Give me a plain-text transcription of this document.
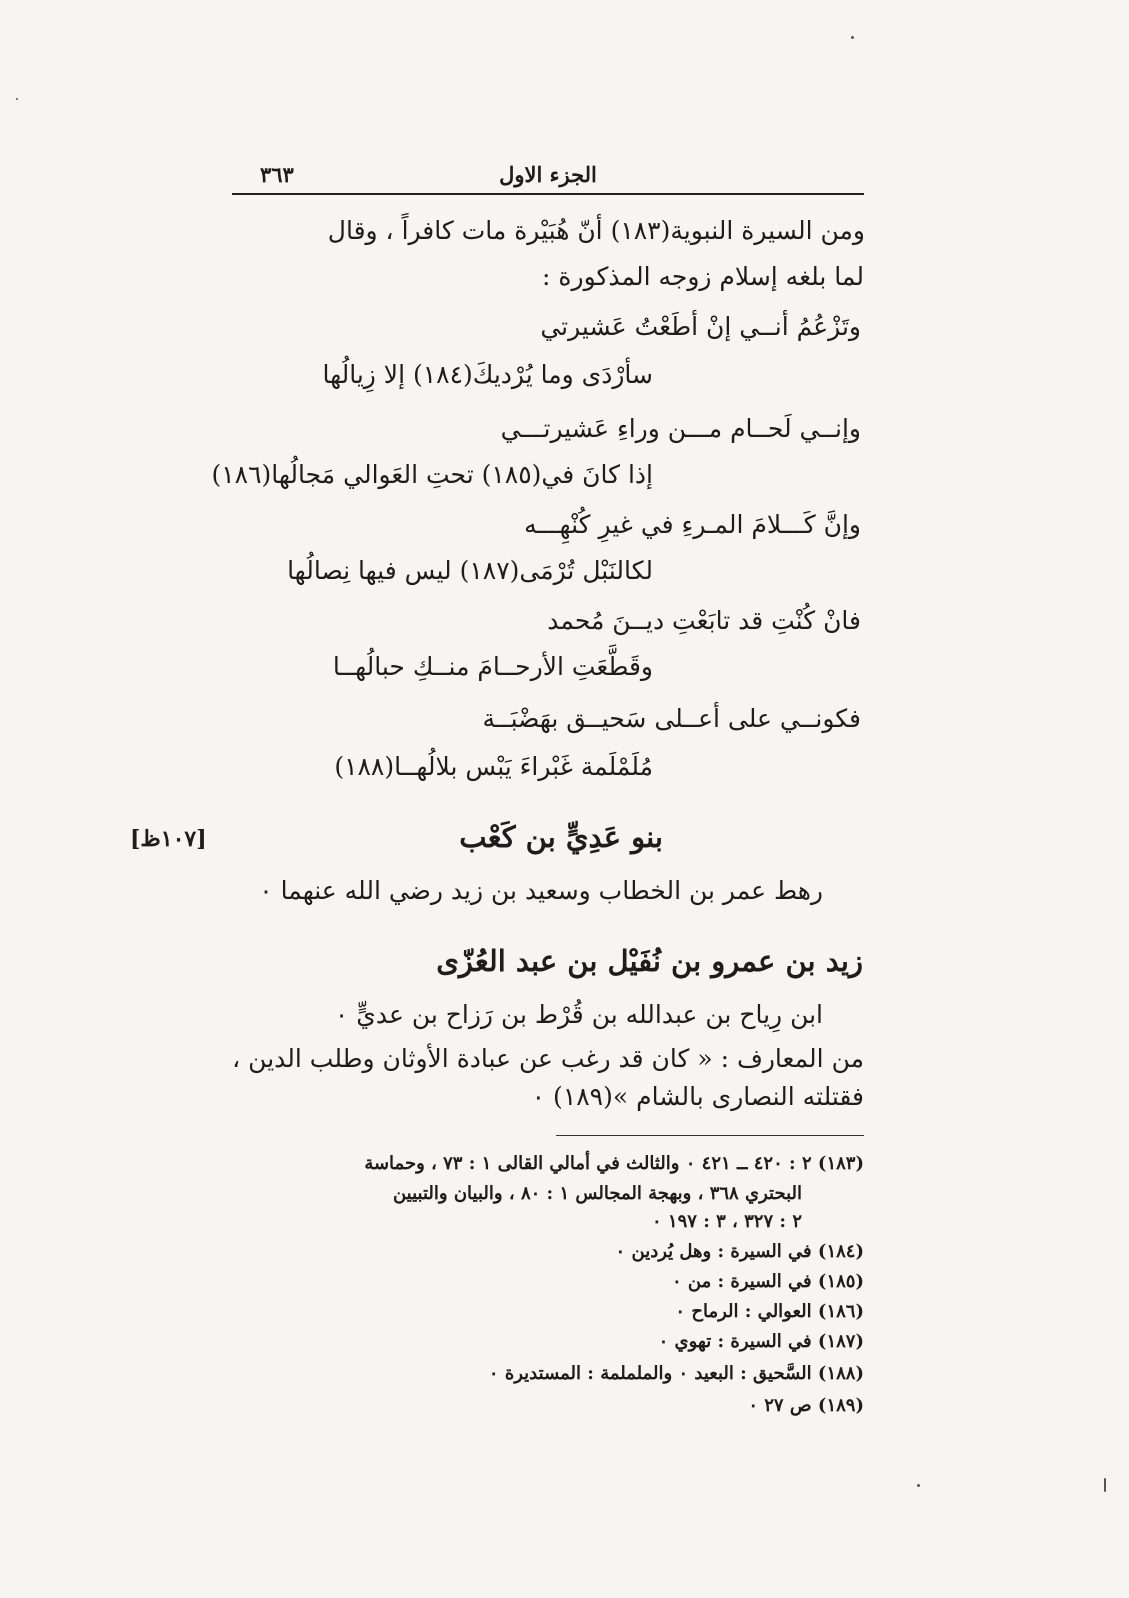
٣٦٣	الجزء الاول
ومن السيرة النبوية(١٨٣) أنّ هُبَيْرة مات كافراً ، وقال
لما بلغه إسلام زوجه المذكورة :
وتَزْعُمُ أنــي إنْ أطَعْتُ عَشيرتي
سأرْدَى وما يُرْديكَ(١٨٤) إلا زِيالُها
وإنــي لَحــام مـــن وراءِ عَشيرتـــي
إذا كانَ في(١٨٥) تحتِ العَوالي مَجالُها(١٨٦)
وإنَّ كَـــلامَ المـرءِ في غيرِ كُنْهِـــه
لكالنَبْل تُرْمَى(١٨٧) ليس فيها نِصالُها
فانْ كُنْتِ قد تابَعْتِ ديــنَ مُحمد
وقَطَّعَتِ الأرحــامَ منــكِ حبالُهــا
فكونــي على أعــلى سَحيــق بهَضْبَــة
مُلَمْلَمة غَبْراءَ يَبْس بلالُهــا(١٨٨)
بنو عَدِيٍّ بن كَعْب
[١٠٧ظ]
رهط عمر بن الخطاب وسعيد بن زيد رضي الله عنهما ٠
زيد بن عمرو بن نُفَيْل بن عبد العُزّى
ابن رِياح بن عبدالله بن قُرْط بن رَزاح بن عديٍّ ٠
من المعارف : « كان قد رغب عن عبادة الأوثان وطلب الدين ،
فقتلته النصارى بالشام »(١٨٩) ٠
(١٨٣) ٢ : ٤٢٠ ــ ٤٢١ ٠ والثالث في أمالي القالى ١ : ٧٣ ، وحماسة
البحتري ٣٦٨ ، وبهجة المجالس ١ : ٨٠ ، والبيان والتبيين
٢ : ٣٢٧ ، ٣ : ١٩٧ ٠
(١٨٤) في السيرة : وهل يُردين ٠
(١٨٥) في السيرة : من ٠
(١٨٦) العوالي : الرماح ٠
(١٨٧) في السيرة : تهوي ٠
(١٨٨) السَّحيق : البعيد ٠ والململمة : المستديرة ٠
(١٨٩) ص ٢٧ ٠
